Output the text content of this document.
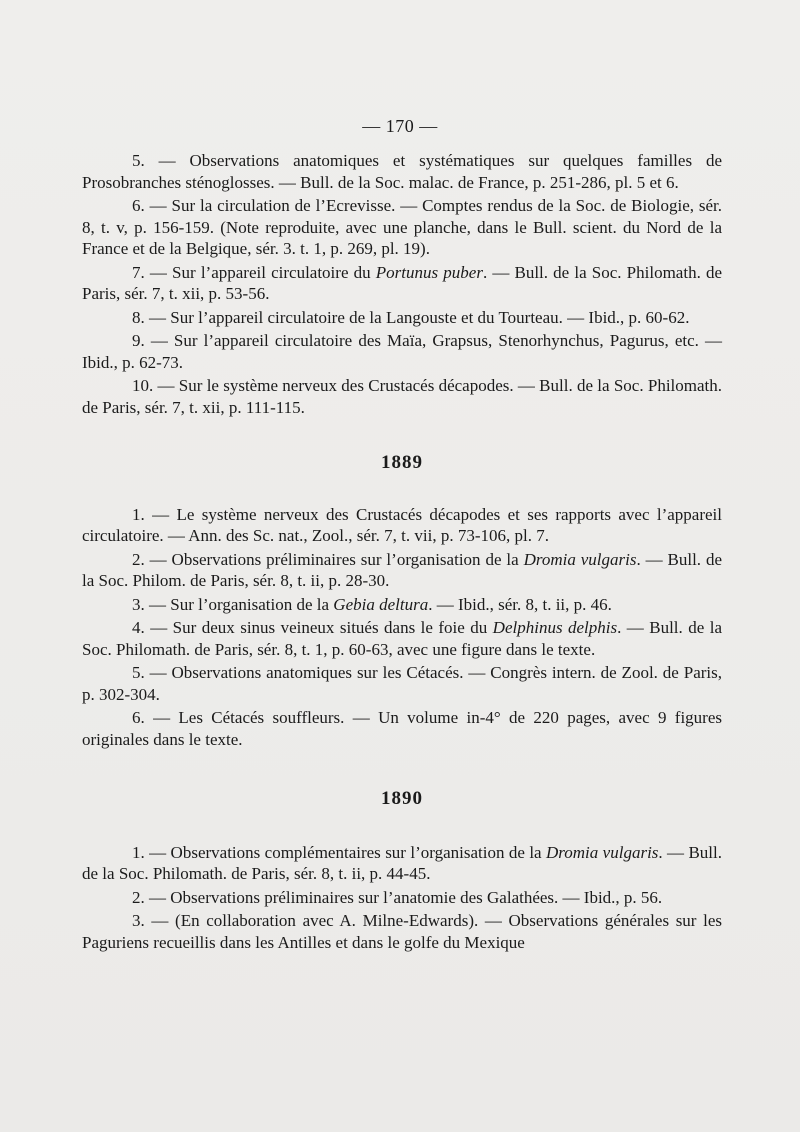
— 170 —

5. — Observations anatomiques et systématiques sur quelques familles de Prosobranches sténoglosses. — Bull. de la Soc. malac. de France, p. 251-286, pl. 5 et 6.

6. — Sur la circulation de l’Ecrevisse. — Comptes rendus de la Soc. de Biologie, sér. 8, t. v, p. 156-159. (Note reproduite, avec une planche, dans le Bull. scient. du Nord de la France et de la Belgique, sér. 3. t. 1, p. 269, pl. 19).

7. — Sur l’appareil circulatoire du Portunus puber. — Bull. de la Soc. Philomath. de Paris, sér. 7, t. xii, p. 53-56.

8. — Sur l’appareil circulatoire de la Langouste et du Tourteau. — Ibid., p. 60-62.

9. — Sur l’appareil circulatoire des Maïa, Grapsus, Stenorhynchus, Pagurus, etc. — Ibid., p. 62-73.

10. — Sur le système nerveux des Crustacés décapodes. — Bull. de la Soc. Philomath. de Paris, sér. 7, t. xii, p. 111-115.

1889

1. — Le système nerveux des Crustacés décapodes et ses rapports avec l’appareil circulatoire. — Ann. des Sc. nat., Zool., sér. 7, t. vii, p. 73-106, pl. 7.

2. — Observations préliminaires sur l’organisation de la Dromia vulgaris. — Bull. de la Soc. Philom. de Paris, sér. 8, t. ii, p. 28-30.

3. — Sur l’organisation de la Gebia deltura. — Ibid., sér. 8, t. ii, p. 46.

4. — Sur deux sinus veineux situés dans le foie du Delphinus delphis. — Bull. de la Soc. Philomath. de Paris, sér. 8, t. 1, p. 60-63, avec une figure dans le texte.

5. — Observations anatomiques sur les Cétacés. — Congrès intern. de Zool. de Paris, p. 302-304.

6. — Les Cétacés souffleurs. — Un volume in-4° de 220 pages, avec 9 figures originales dans le texte.

1890

1. — Observations complémentaires sur l’organisation de la Dromia vulgaris. — Bull. de la Soc. Philomath. de Paris, sér. 8, t. ii, p. 44-45.

2. — Observations préliminaires sur l’anatomie des Galathées. — Ibid., p. 56.

3. — (En collaboration avec A. Milne-Edwards). — Observations générales sur les Paguriens recueillis dans les Antilles et dans le golfe du Mexique
